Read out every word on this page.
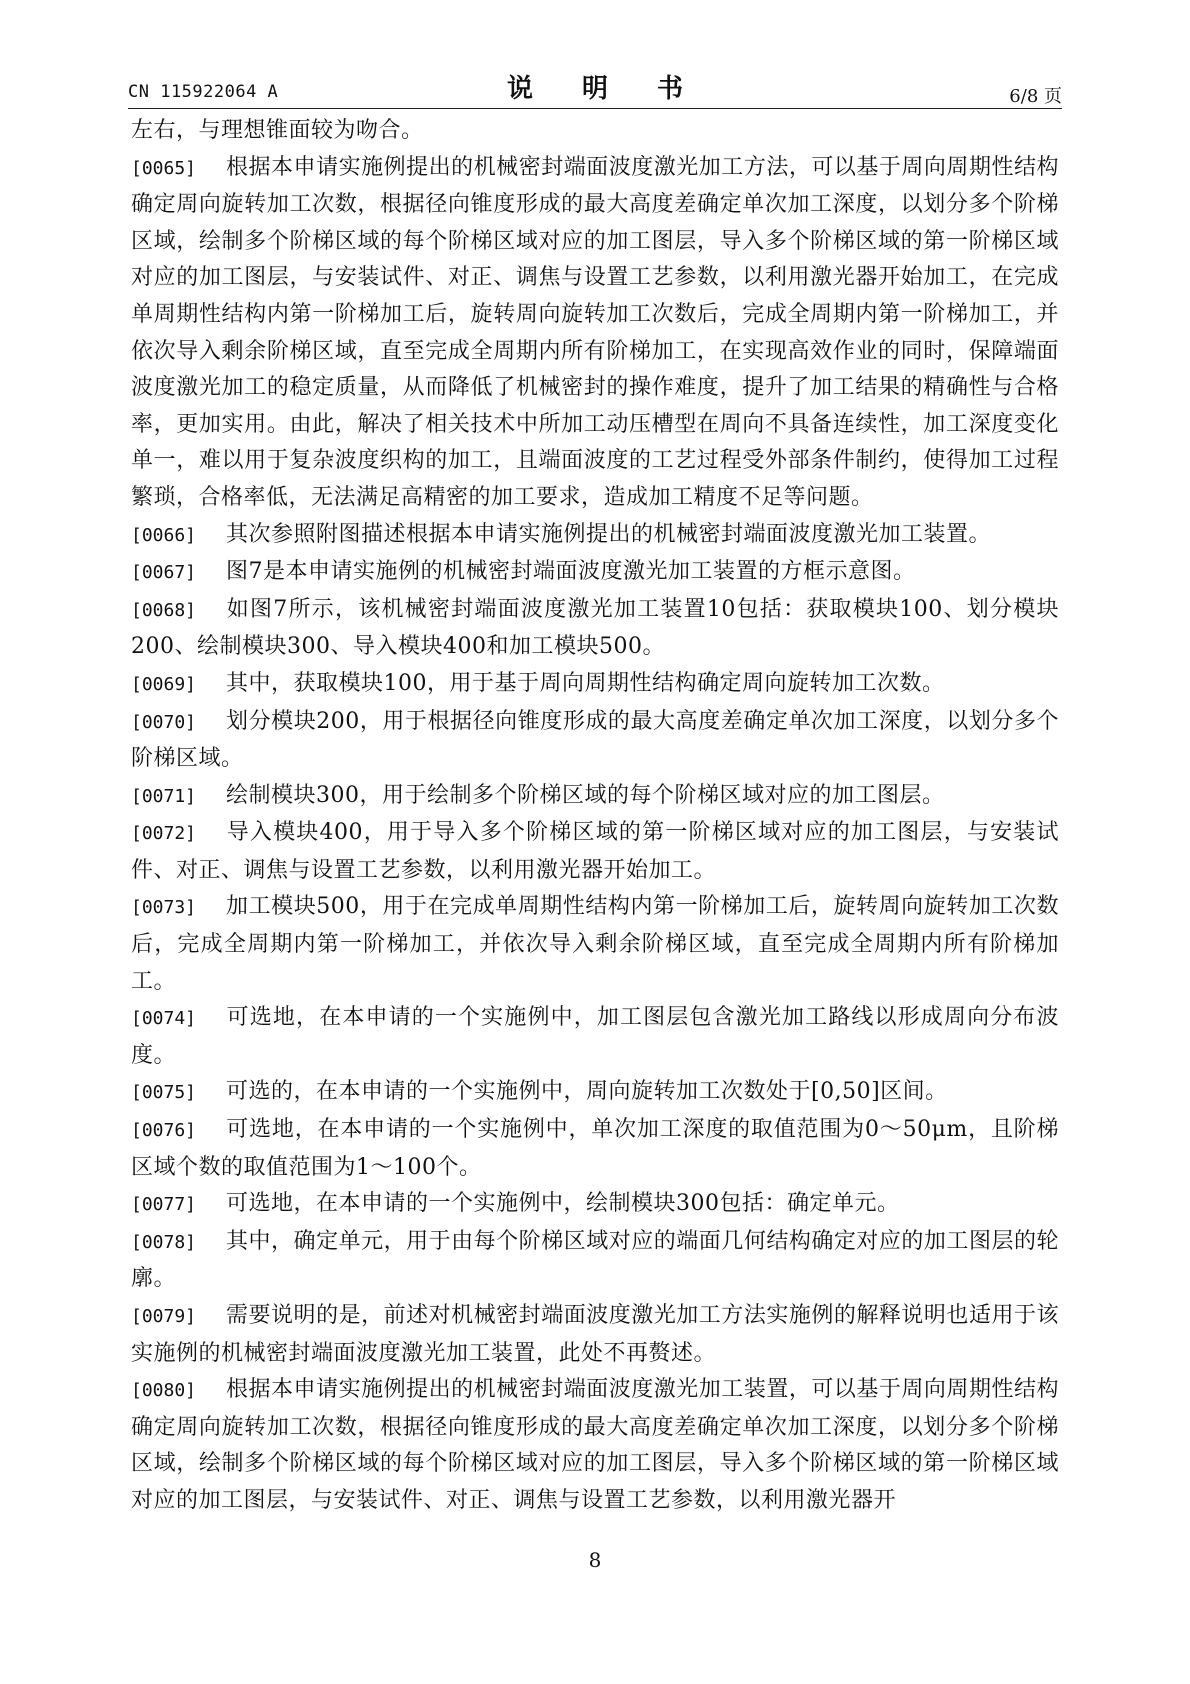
CN 115922064 A	说 明 书	6/8 页

左右，与理想锥面较为吻合。

[0065] 根据本申请实施例提出的机械密封端面波度激光加工方法，可以基于周向周期性结构确定周向旋转加工次数，根据径向锥度形成的最大高度差确定单次加工深度，以划分多个阶梯区域，绘制多个阶梯区域的每个阶梯区域对应的加工图层，导入多个阶梯区域的第一阶梯区域对应的加工图层，与安装试件、对正、调焦与设置工艺参数，以利用激光器开始加工，在完成单周期性结构内第一阶梯加工后，旋转周向旋转加工次数后，完成全周期内第一阶梯加工，并依次导入剩余阶梯区域，直至完成全周期内所有阶梯加工，在实现高效作业的同时，保障端面波度激光加工的稳定质量，从而降低了机械密封的操作难度，提升了加工结果的精确性与合格率，更加实用。由此，解决了相关技术中所加工动压槽型在周向不具备连续性，加工深度变化单一，难以用于复杂波度织构的加工，且端面波度的工艺过程受外部条件制约，使得加工过程繁琐，合格率低，无法满足高精密的加工要求，造成加工精度不足等问题。

[0066] 其次参照附图描述根据本申请实施例提出的机械密封端面波度激光加工装置。

[0067] 图7是本申请实施例的机械密封端面波度激光加工装置的方框示意图。

[0068] 如图7所示，该机械密封端面波度激光加工装置10包括：获取模块100、划分模块200、绘制模块300、导入模块400和加工模块500。

[0069] 其中，获取模块100，用于基于周向周期性结构确定周向旋转加工次数。

[0070] 划分模块200，用于根据径向锥度形成的最大高度差确定单次加工深度，以划分多个阶梯区域。

[0071] 绘制模块300，用于绘制多个阶梯区域的每个阶梯区域对应的加工图层。

[0072] 导入模块400，用于导入多个阶梯区域的第一阶梯区域对应的加工图层，与安装试件、对正、调焦与设置工艺参数，以利用激光器开始加工。

[0073] 加工模块500，用于在完成单周期性结构内第一阶梯加工后，旋转周向旋转加工次数后，完成全周期内第一阶梯加工，并依次导入剩余阶梯区域，直至完成全周期内所有阶梯加工。

[0074] 可选地，在本申请的一个实施例中，加工图层包含激光加工路线以形成周向分布波度。

[0075] 可选的，在本申请的一个实施例中，周向旋转加工次数处于[0,50]区间。

[0076] 可选地，在本申请的一个实施例中，单次加工深度的取值范围为0～50μm，且阶梯区域个数的取值范围为1～100个。

[0077] 可选地，在本申请的一个实施例中，绘制模块300包括：确定单元。

[0078] 其中，确定单元，用于由每个阶梯区域对应的端面几何结构确定对应的加工图层的轮廓。

[0079] 需要说明的是，前述对机械密封端面波度激光加工方法实施例的解释说明也适用于该实施例的机械密封端面波度激光加工装置，此处不再赘述。

[0080] 根据本申请实施例提出的机械密封端面波度激光加工装置，可以基于周向周期性结构确定周向旋转加工次数，根据径向锥度形成的最大高度差确定单次加工深度，以划分多个阶梯区域，绘制多个阶梯区域的每个阶梯区域对应的加工图层，导入多个阶梯区域的第一阶梯区域对应的加工图层，与安装试件、对正、调焦与设置工艺参数，以利用激光器开

8
